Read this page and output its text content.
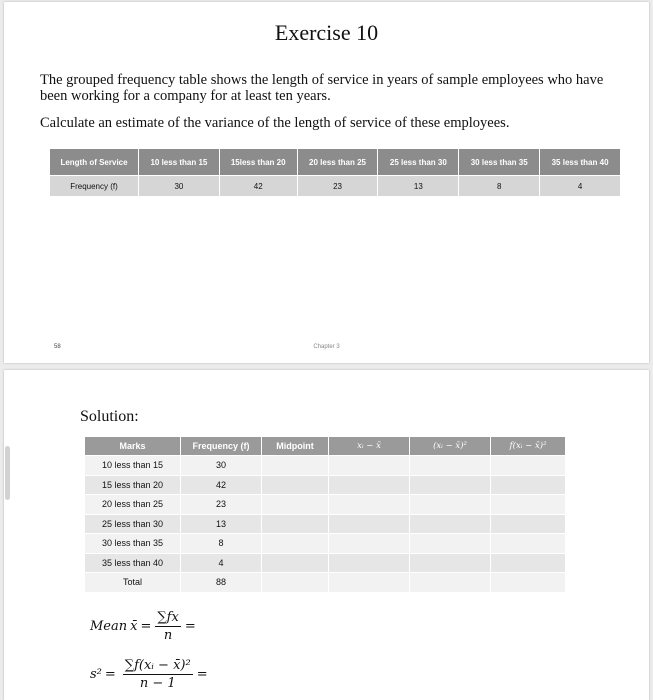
Exercise 10
The grouped frequency table shows the length of service in years of sample employees who have been working for a company for at least ten years.
Calculate an estimate of the variance of the length of service of these employees.
Length of Service	10 less than 15	15less than 20	20 less than 25	25 less than 30	30 less than 35	35 less than 40
Frequency (f)	30	42	23	13	8	4
58	Chapter 3
Solution:
Marks	Frequency (f)	Midpoint	xᵢ − x̄	(xᵢ − x̄)²	f(xᵢ − x̄)²
10 less than 15	30				
15 less than 20	42				
20 less than 25	23				
25 less than 30	13				
30 less than 35	8				
35 less than 40	4				
Total	88				
Mean x̄ = $\frac{\sum fx}{n}$ =
$s^2 = \frac{\text{∑f(xᵢ − x̄)²}}{n - 1}$ =
